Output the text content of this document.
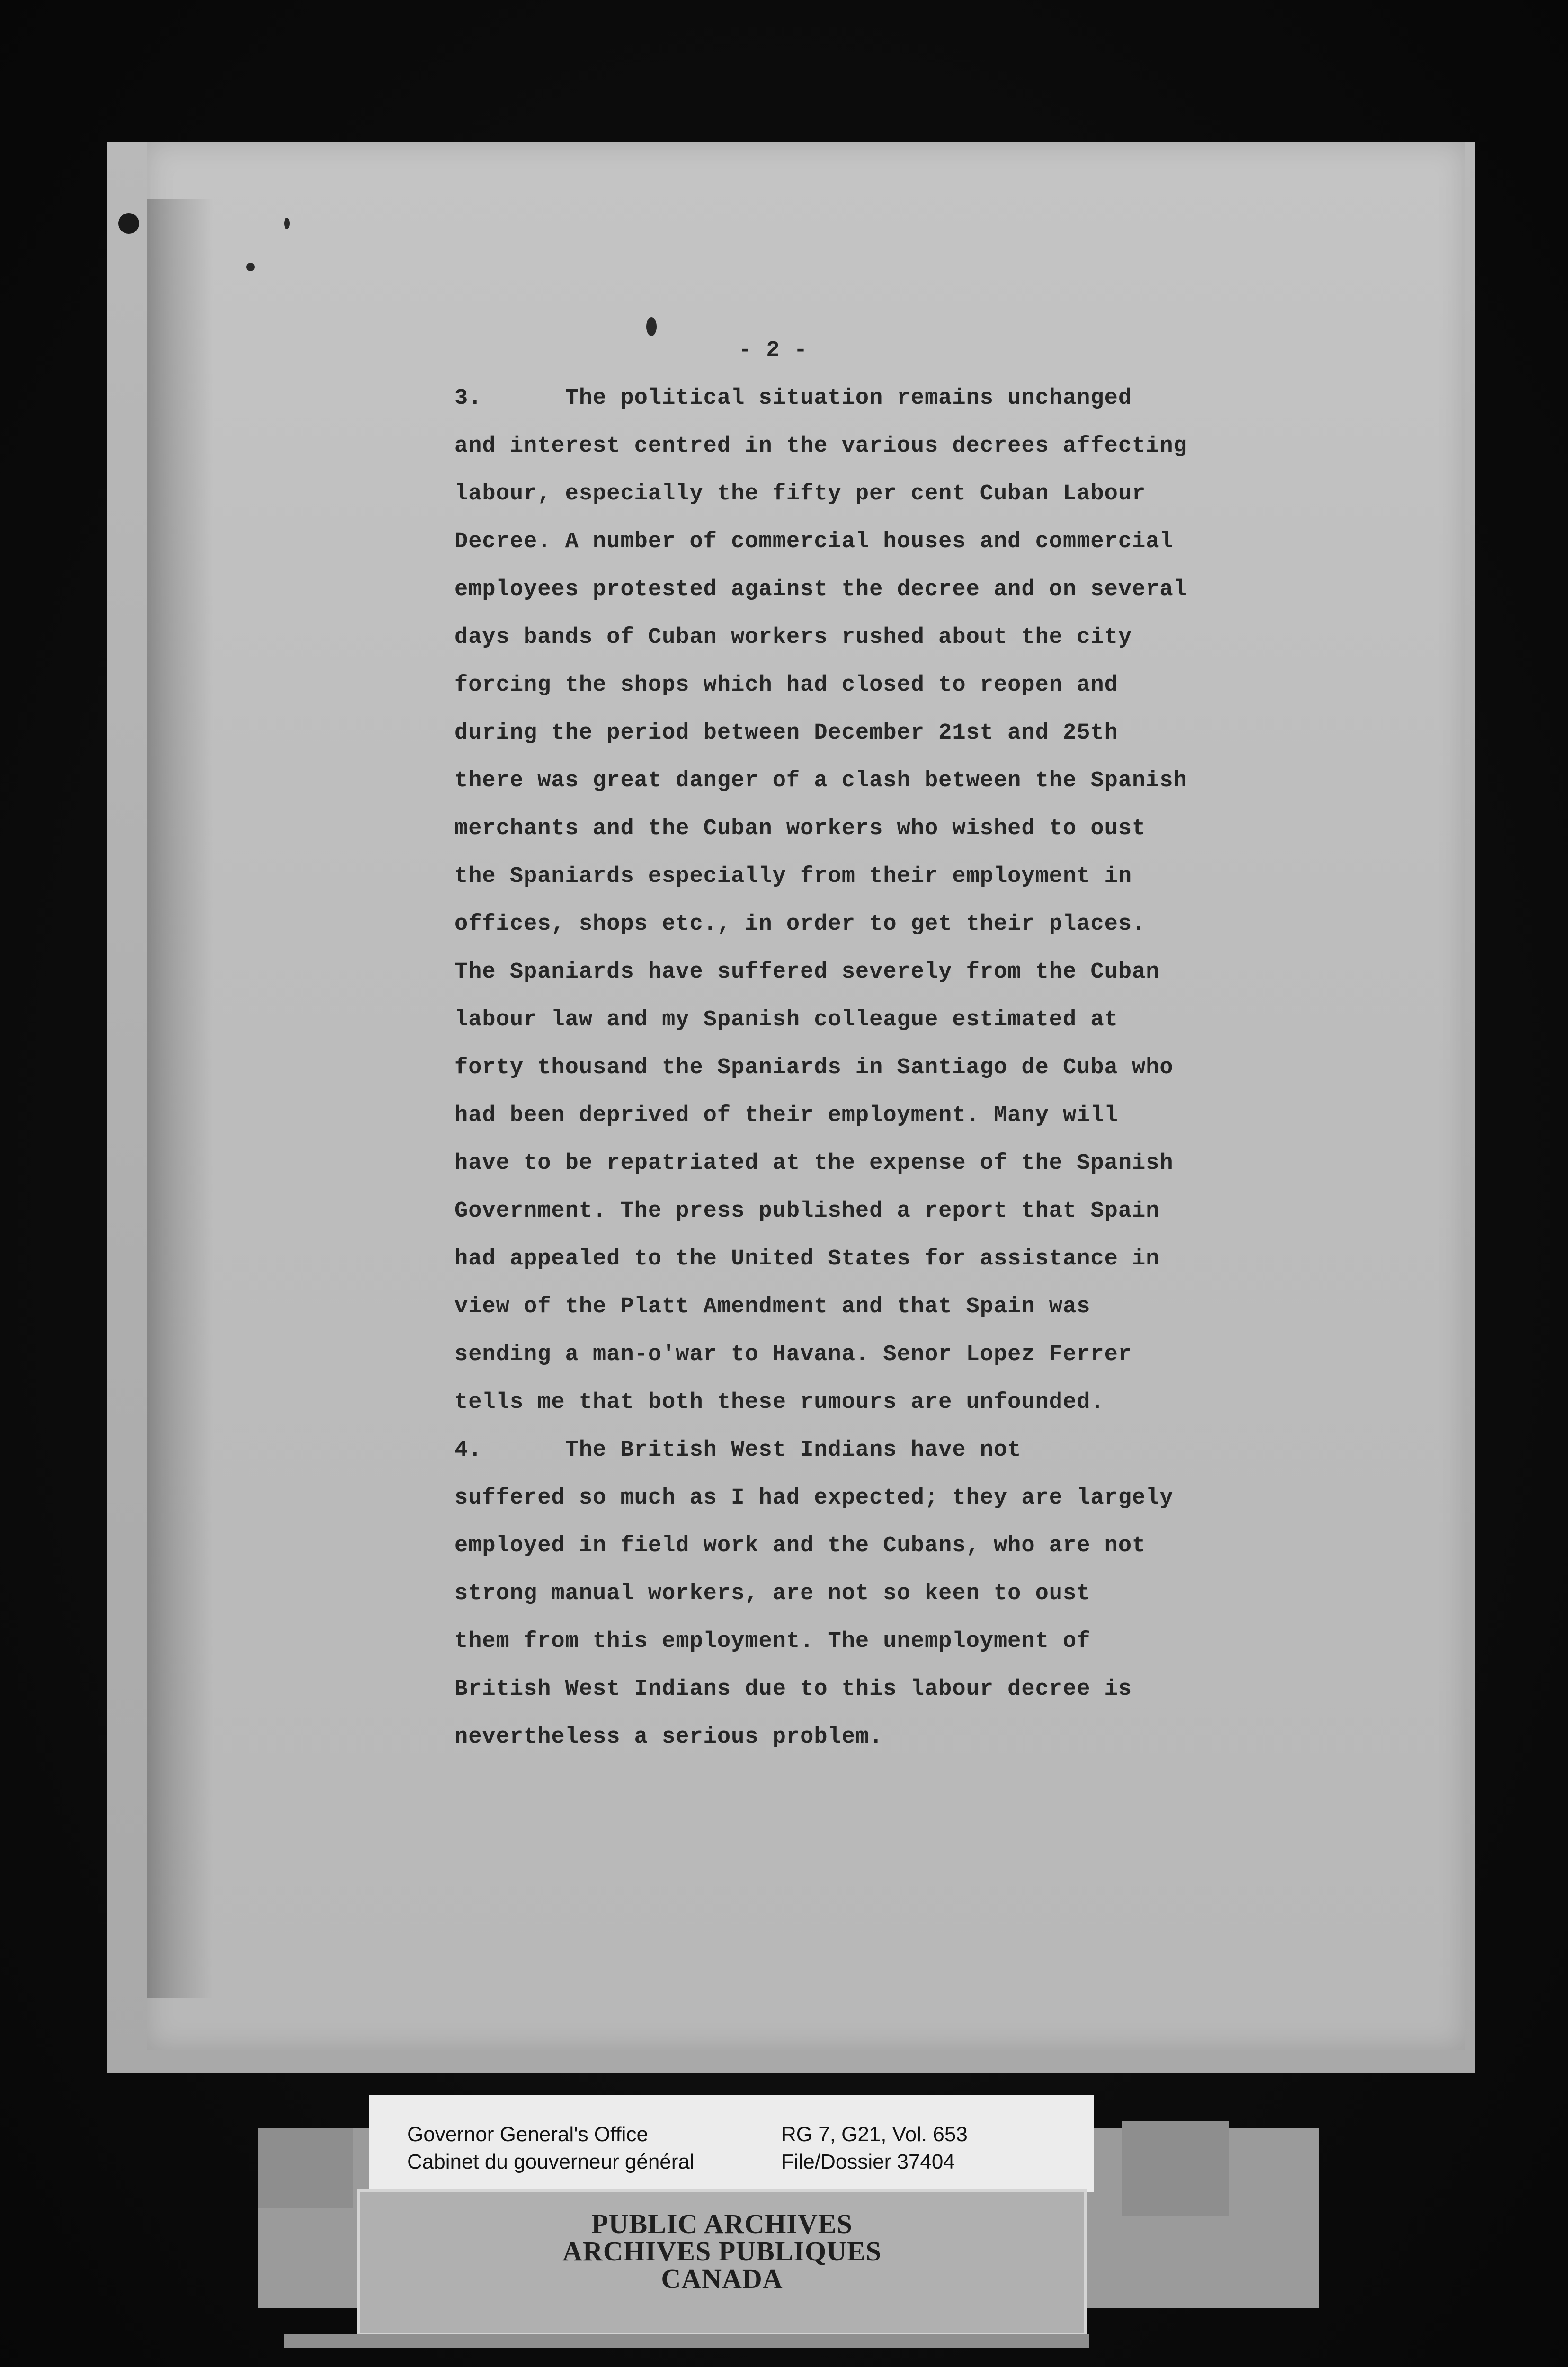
- 2 -
3.      The political situation remains unchanged
and interest centred in the various decrees affecting
labour, especially the fifty per cent Cuban Labour
Decree. A number of commercial houses and commercial
employees protested against the decree and on several
days bands of Cuban workers rushed about the city
forcing the shops which had closed to reopen and
during the period between December 21st and 25th
there was great danger of a clash between the Spanish
merchants and the Cuban workers who wished to oust
the Spaniards especially from their employment in
offices, shops etc., in order to get their places.
The Spaniards have suffered severely from the Cuban
labour law and my Spanish colleague estimated at
forty thousand the Spaniards in Santiago de Cuba who
had been deprived of their employment. Many will
have to be repatriated at the expense of the Spanish
Government. The press published a report that Spain
had appealed to the United States for assistance in
view of the Platt Amendment and that Spain was
sending a man-o'war to Havana. Senor Lopez Ferrer
tells me that both these rumours are unfounded.
4.      The British West Indians have not
suffered so much as I had expected; they are largely
employed in field work and the Cubans, who are not
strong manual workers, are not so keen to oust
them from this employment. The unemployment of
British West Indians due to this labour decree is
nevertheless a serious problem.
Governor General's Office
Cabinet du gouverneur général
RG 7, G21, Vol. 653
File/Dossier 37404
PUBLIC ARCHIVES
ARCHIVES PUBLIQUES
CANADA
